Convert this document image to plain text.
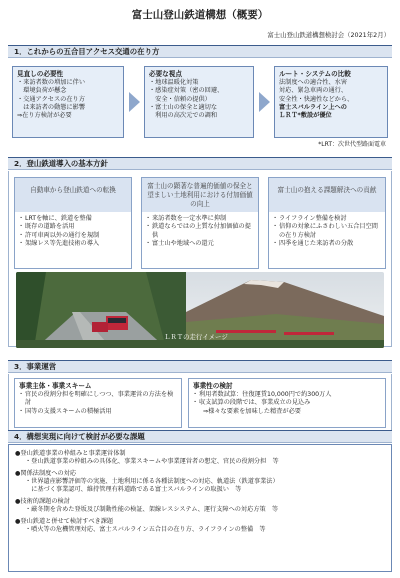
富士山登山鉄道構想（概要）
富士山登山鉄道構想検討会（2021年2月）
1．これからの五合目アクセス交通の在り方
見直しの必要性
・来訪者数の増加に伴い
　環境負荷が懸念
・交通アクセスの在り方
　は来訪者の動態に影響
⇒在り方検討が必要
必要な視点
・地球温暖化対策
・感染症対策（密の回避、
　安全・信頼の提供）
・富士山の保全と適切な
　利用の高次元での調和
ルート・システムの比較
法制度への適合性、水害
対応、緊急車両の通行、
安全性・快適性などから、
富士スバルライン上への
ＬＲＴ*敷設が優位
*LRT：次世代型路面電車
2．登山鉄道導入の基本方針
自動車から登山鉄道への転換
・ LRTを軸に、鉄道を整備
・ 既存の道路を活用
・ 許可車両以外の通行を規制
・ 架線レス等先進技術の導入
富士山の顕著な普遍的価値の保全と望ましい土地利用における付加価値の向上
・ 来訪者数を一定水準に抑制
・ 鉄道ならではの上質な付加価値の提供
・ 富士山や地域への還元
富士山の抱える課題解決への貢献
・ ライフライン整備を検討
・ 信仰の対象にふさわしい五合目空間の在り方検討
・ 四季を通じた来訪者の分散
ＬＲＴの走行イメージ
3．事業運営
事業主体・事業スキーム
・ 官民の役割分担を明確にしつつ、事業運営の方法を検討
・ 国等の支援スキームの積極活用
事業性の検討
・ 利用者数試算：往復運賃10,000円で約300万人
・ 収支試算の段階では、事業成立の見込み
⇒様々な要素を加味した精査が必要
4．構想実現に向けて検討が必要な課題
●登山鉄道事業の枠組みと事業運営体制
・登山鉄道事業の枠組みの具体化、事業スキームや事業運営者の想定、官民の役割分担　等
●関係法制度への対応
・世界遺産影響評価等の実施、土地利用に係る各種法制度への対応、軌道法（鉄道事業法）
　に基づく事業認可、維持管理有料道路である富士スバルラインの取扱い　等
●技術的課題の検討
・厳冬期を含めた登坂及び制動性能の検証、架線レスシステム、運行支障への対応方策　等
●登山鉄道と併せて検討すべき課題
・噴火等の危機管理対応、富士スバルライン五合目の在り方、ライフラインの整備　等
